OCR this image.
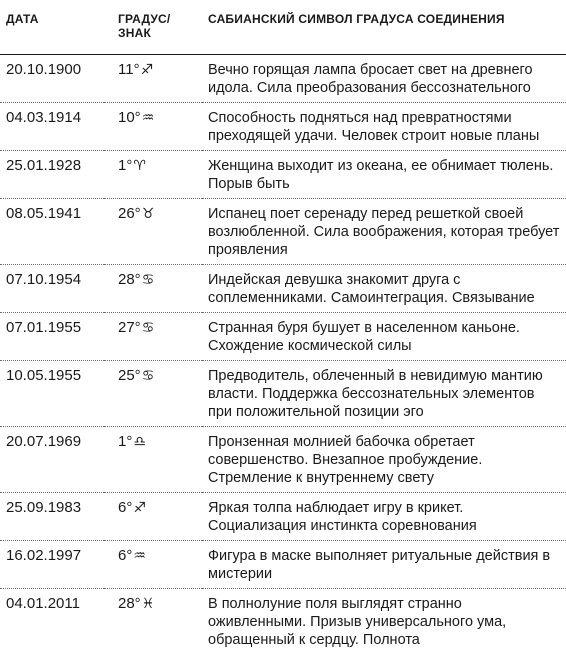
ДАТА	ГРАДУС/ЗНАК	САБИАНСКИЙ СИМВОЛ ГРАДУСА СОЕДИНЕНИЯ
20.10.1900	11°♐	Вечно горящая лампа бросает свет на древнего идола. Сила преобразования бессознательного
04.03.1914	10°♒	Способность подняться над превратностями преходящей удачи. Человек строит новые планы
25.01.1928	1°♈	Женщина выходит из океана, ее обнимает тюлень. Порыв быть
08.05.1941	26°♉	Испанец поет серенаду перед решеткой своей возлюбленной. Сила воображения, которая требует проявления
07.10.1954	28°♋	Индейская девушка знакомит друга с соплеменниками. Самоинтеграция. Связывание
07.01.1955	27°♋	Странная буря бушует в населенном каньоне. Схождение космической силы
10.05.1955	25°♋	Предводитель, облеченный в невидимую мантию власти. Поддержка бессознательных элементов при положительной позиции эго
20.07.1969	1°♎	Пронзенная молнией бабочка обретает совершенство. Внезапное пробуждение. Стремление к внутреннему свету
25.09.1983	6°♐	Яркая толпа наблюдает игру в крикет. Социализация инстинкта соревнования
16.02.1997	6°♒	Фигура в маске выполняет ритуальные действия в мистерии
04.01.2011	28°♓	В полнолуние поля выглядят странно оживленными. Призыв универсального ума, обращенный к сердцу. Полнота
